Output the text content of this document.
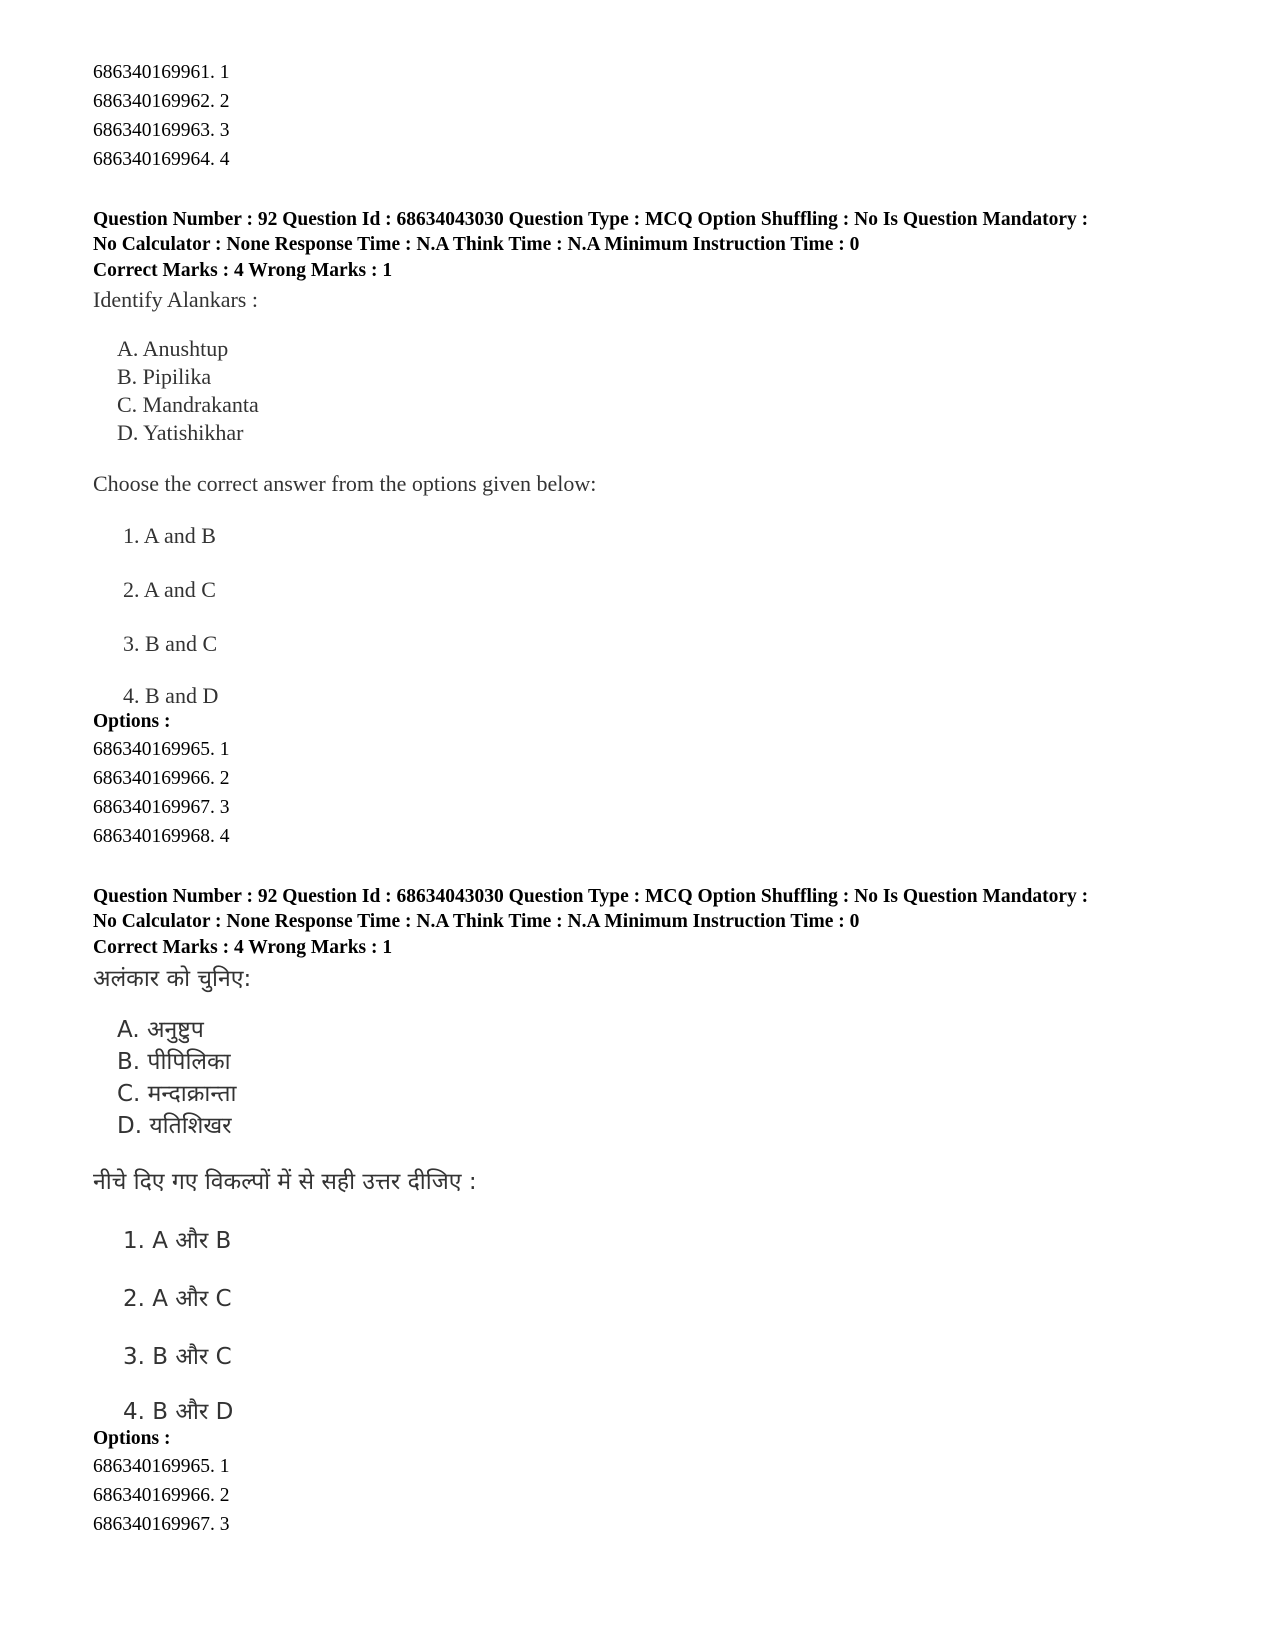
686340169961. 1
686340169962. 2
686340169963. 3
686340169964. 4
Question Number : 92 Question Id : 68634043030 Question Type : MCQ Option Shuffling : No Is Question Mandatory :
No Calculator : None Response Time : N.A Think Time : N.A Minimum Instruction Time : 0
Correct Marks : 4 Wrong Marks : 1
Identify Alankars :
A. Anushtup
B. Pipilika
C. Mandrakanta
D. Yatishikhar
Choose the correct answer from the options given below:
1. A and B
2. A and C
3. B and C
4. B and D
Options :
686340169965. 1
686340169966. 2
686340169967. 3
686340169968. 4
Question Number : 92 Question Id : 68634043030 Question Type : MCQ Option Shuffling : No Is Question Mandatory :
No Calculator : None Response Time : N.A Think Time : N.A Minimum Instruction Time : 0
Correct Marks : 4 Wrong Marks : 1
अलंकार को चुनिए:
A. अनुष्टुप
B. पीपिलिका
C. मन्दाक्रान्ता
D. यतिशिखर
नीचे दिए गए विकल्पों में से सही उत्तर दीजिए :
1. A और B
2. A और C
3. B और C
4. B और D
Options :
686340169965. 1
686340169966. 2
686340169967. 3
